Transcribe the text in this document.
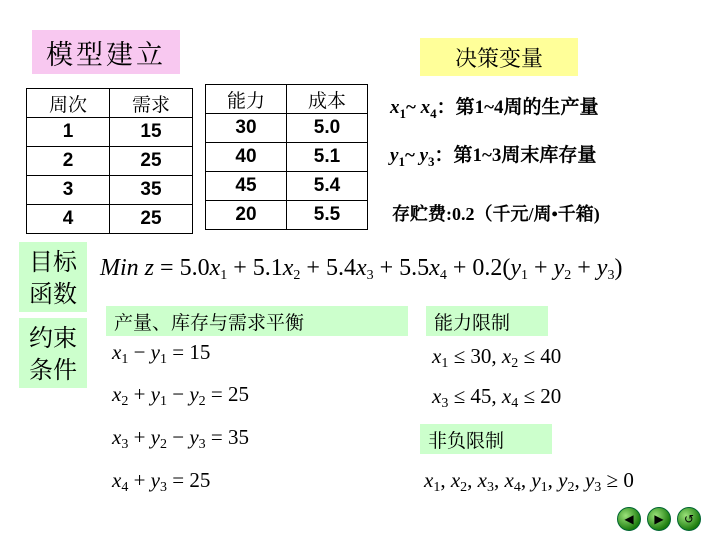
模型建立	决策变量
周次	需求
1	15
2	25
3	35
4	25
能力	成本
30	5.0
40	5.1
45	5.4
20	5.5
$x_1\sim$ $x_4$：第1~4周的生产量
$y_1\sim$ $y_3$：第1~3周末库存量
存贮费:0.2（千元/周•千箱)
目标函数
约束条件
Min $z = 5.0x_1 + 5.1x_2 + 5.4x_3 + 5.5x_4 + 0.2(y_1 + y_2 + y_3)$
产量、库存与需求平衡	能力限制
非负限制
$x_1 - y_1 = 15$
$x_2 + y_1 - y_2 = 25$
$x_3 + y_2 - y_3 = 35$
$x_4 + y_3 = 25$
$x_1 \le 30$, $x_2 \le 40$
$x_3 \le 45$, $x_4 \le 20$
$x_1$, $x_2$, $x_3$, $x_4$, $y_1$, $y_2$, $y_3 \ge 0$
◀ ▶ ↺
